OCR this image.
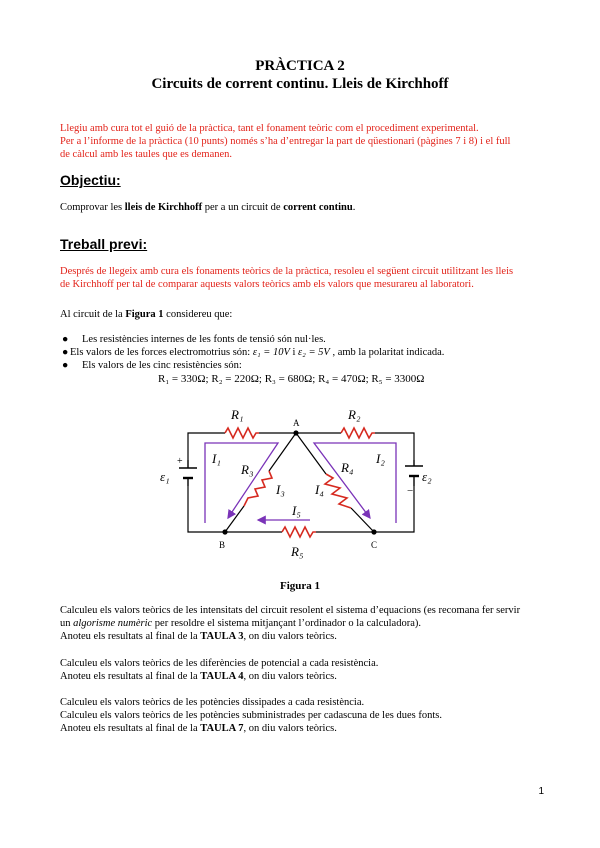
PRÀCTICA 2
Circuits de corrent continu. Lleis de Kirchhoff
Llegiu amb cura tot el guió de la pràctica, tant el fonament teòric com el procediment experimental.
Per a l’informe de la pràctica (10 punts) només s’ha d’entregar la part de qüestionari (pàgines 7 i 8) i el full
de càlcul amb les taules que es demanen.
Objectiu:
Comprovar les lleis de Kirchhoff per a un circuit de corrent continu.
Treball previ:
Després de llegeix amb cura els fonaments teòrics de la pràctica, resoleu el següent circuit utilitzant les lleis
de Kirchhoff per tal de comparar aquests valors teòrics amb els valors que mesurareu al laboratori.
Al circuit de la Figura 1 considereu que:
● Les resistències internes de les fonts de tensió són nul·les.
● Els valors de les forces electromotrius són: ε₁ = 10V i ε₂ = 5V , amb la polaritat indicada.
● Els valors de les cinc resistències són:
R₁ = 330Ω; R₂ = 220Ω; R₃ = 680Ω; R₄ = 470Ω; R₅ = 3300Ω
R₁	R₂
R₃	R₄
R₅
I₁	I₂
I₃ I₄
I₅
ε₁	ε₂
A
B	C
+
−
Figura 1
Calculeu els valors teòrics de les intensitats del circuit resolent el sistema d’equacions (es recomana fer servir
un algorisme numèric per resoldre el sistema mitjançant l’ordinador o la calculadora).
Anoteu els resultats al final de la TAULA 3, on diu valors teòrics.
Calculeu els valors teòrics de les diferències de potencial a cada resistència.
Anoteu els resultats al final de la TAULA 4, on diu valors teòrics.
Calculeu els valors teòrics de les potències dissipades a cada resistència.
Calculeu els valors teòrics de les potències subministrades per cadascuna de les dues fonts.
Anoteu els resultats al final de la TAULA 7, on diu valors teòrics.
1
